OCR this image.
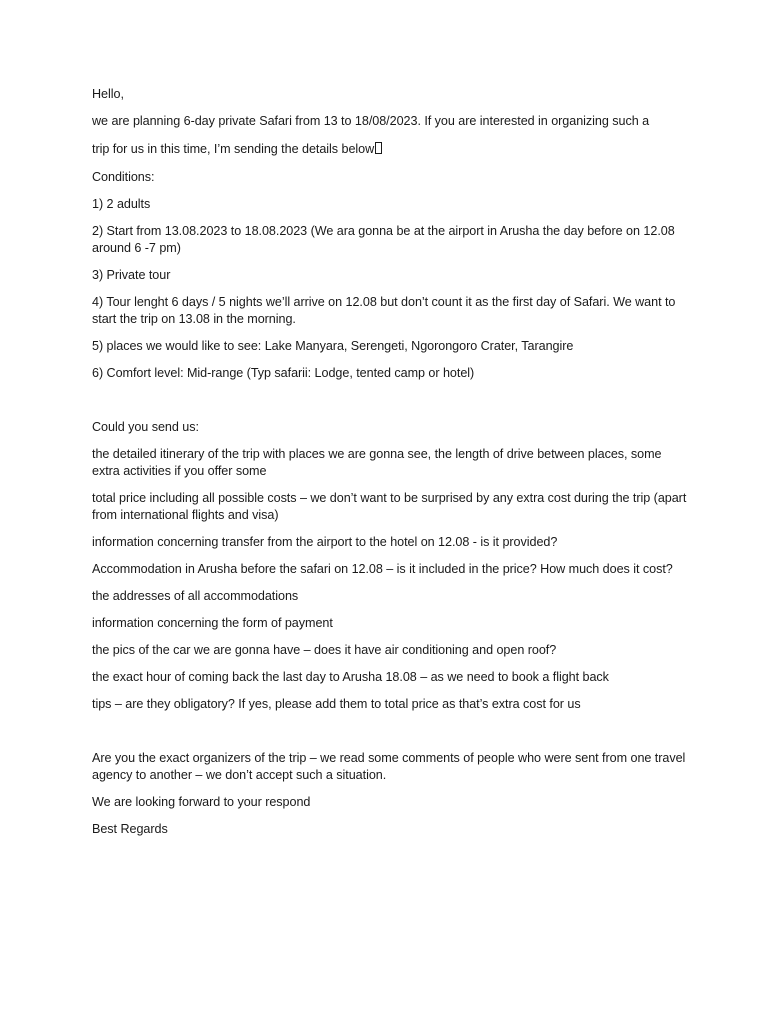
Hello,

we are planning 6-day private Safari from 13 to 18/08/2023. If you are interested in organizing such a

trip for us in this time, I’m sending the details below

Conditions:

1) 2 adults

2) Start from 13.08.2023 to 18.08.2023 (We ara gonna be at the airport in Arusha the day before on 12.08 around 6 -7 pm)

3) Private tour

4) Tour lenght 6 days / 5 nights we’ll arrive on 12.08 but don’t count it as the first day of Safari. We want to start the trip on 13.08 in the morning.

5) places we would like to see: Lake Manyara, Serengeti, Ngorongoro Crater, Tarangire

6) Comfort level: Mid-range (Typ safarii: Lodge, tented camp or hotel)

Could you send us:

the detailed itinerary of the trip with places we are gonna see, the length of drive between places, some extra activities if you offer some

total price including all possible costs – we don’t want to be surprised by any extra cost during the trip (apart from international flights and visa)

information concerning transfer from the airport to the hotel on 12.08 - is it provided?

Accommodation in Arusha before the safari on 12.08 – is it included in the price? How much does it cost?

the addresses of all accommodations

information concerning the form of payment

the pics of the car we are gonna have – does it have air conditioning and open roof?

the exact hour of coming back the last day to Arusha 18.08 – as we need to book a flight back

tips – are they obligatory? If yes, please add them to total price as that’s extra cost for us

Are you the exact organizers of the trip – we read some comments of people who were sent from one travel agency to another – we don’t accept such a situation.

We are looking forward to your respond

Best Regards
